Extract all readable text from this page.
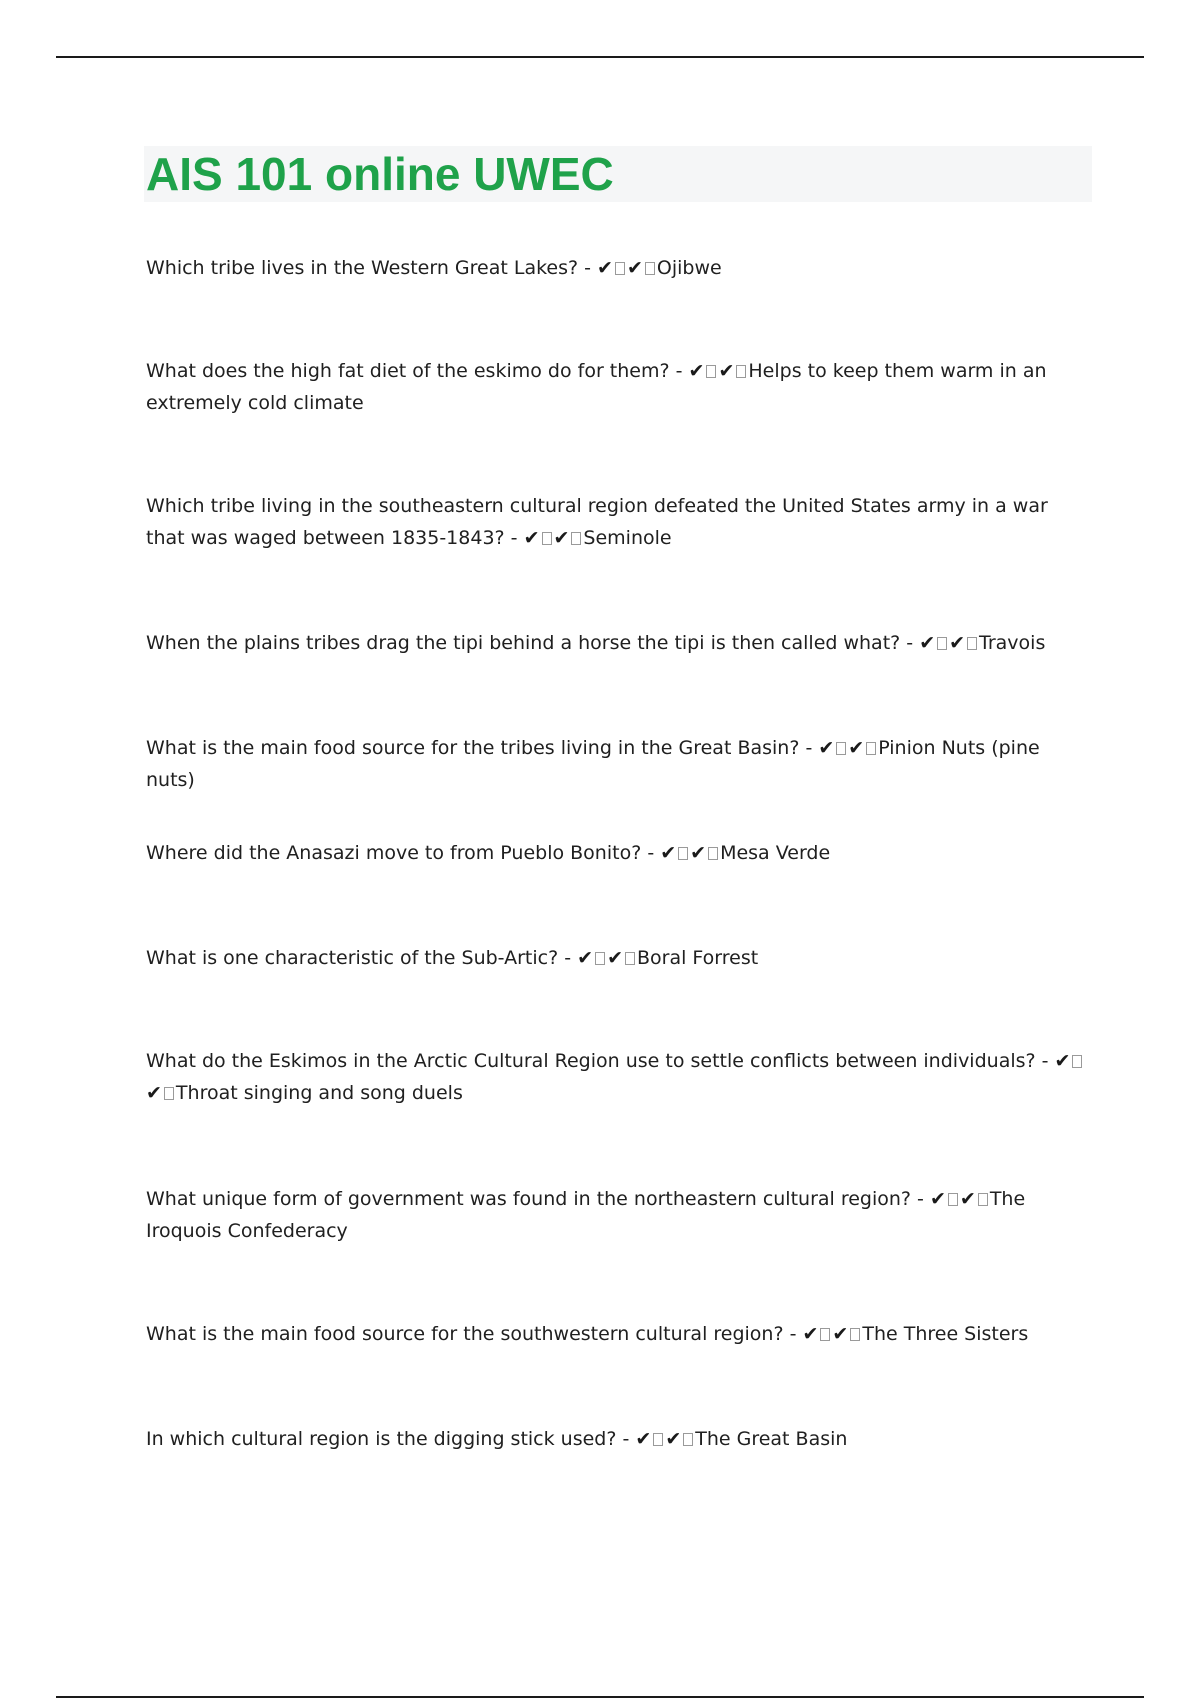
AIS 101 online UWEC

Which tribe lives in the Western Great Lakes? - ✔ ✔ Ojibwe

What does the high fat diet of the eskimo do for them? - ✔ ✔ Helps to keep them warm in an extremely cold climate

Which tribe living in the southeastern cultural region defeated the United States army in a war that was waged between 1835-1843? - ✔ ✔ Seminole

When the plains tribes drag the tipi behind a horse the tipi is then called what? - ✔ ✔ Travois

What is the main food source for the tribes living in the Great Basin? - ✔ ✔ Pinion Nuts (pine nuts)

Where did the Anasazi move to from Pueblo Bonito? - ✔ ✔ Mesa Verde

What is one characteristic of the Sub-Artic? - ✔ ✔ Boral Forrest

What do the Eskimos in the Arctic Cultural Region use to settle conflicts between individuals? - ✔✔ Throat singing and song duels

What unique form of government was found in the northeastern cultural region? - ✔ ✔ The Iroquois Confederacy

What is the main food source for the southwestern cultural region? - ✔ ✔ The Three Sisters

In which cultural region is the digging stick used? - ✔ ✔ The Great Basin
